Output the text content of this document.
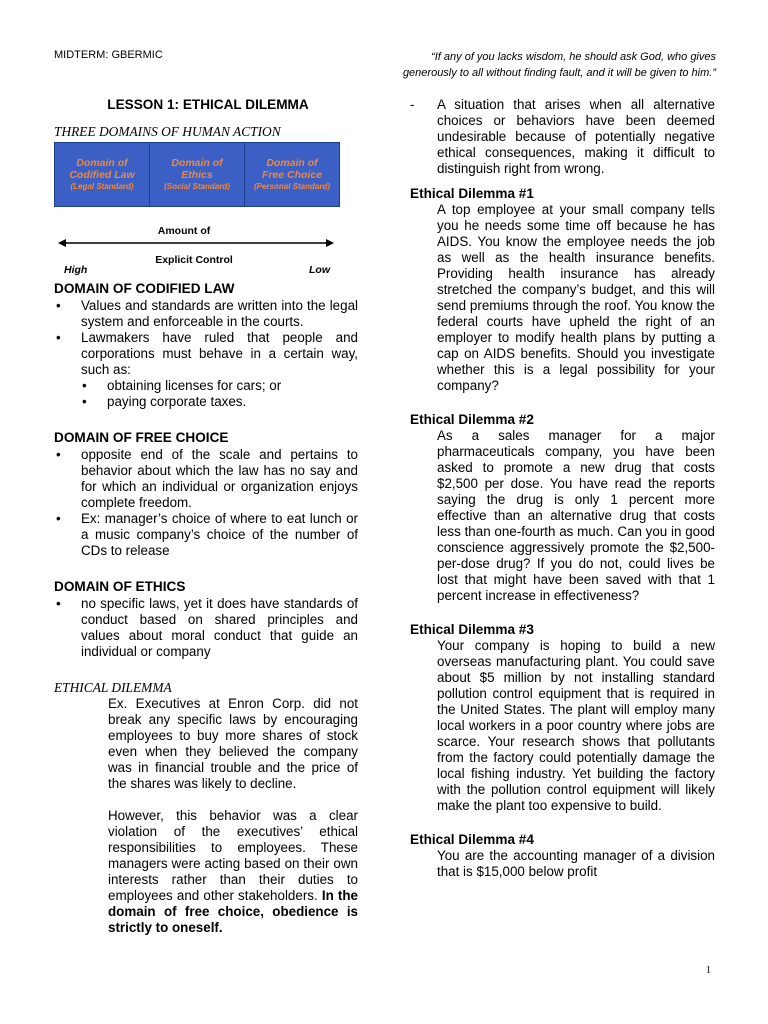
MIDTERM: GBERMIC	“If any of you lacks wisdom, he should ask God, who gives
generously to all without finding fault, and it will be given to him.”
LESSON 1: ETHICAL DILEMMA
THREE DOMAINS OF HUMAN ACTION
Domain of
Codified Law
(Legal Standard)
Domain of
Ethics
(Social Standard)
Domain of
Free Choice
(Personal Standard)
Amount of
Explicit Control
High	Low
DOMAIN OF CODIFIED LAW
• Values and standards are written into the legal system and enforceable in the courts.
• Lawmakers have ruled that people and corporations must behave in a certain way, such as:
• obtaining licenses for cars; or
• paying corporate taxes.
DOMAIN OF FREE CHOICE
• opposite end of the scale and pertains to behavior about which the law has no say and for which an individual or organization enjoys complete freedom.
• Ex: manager’s choice of where to eat lunch or a music company’s choice of the number of CDs to release
DOMAIN OF ETHICS
• no specific laws, yet it does have standards of conduct based on shared principles and values about moral conduct that guide an individual or company
ETHICAL DILEMMA
Ex. Executives at Enron Corp. did not break any specific laws by encouraging employees to buy more shares of stock even when they believed the company was in financial trouble and the price of the shares was likely to decline.
However, this behavior was a clear violation of the executives’ ethical responsibilities to employees. These managers were acting based on their own interests rather than their duties to employees and other stakeholders. In the domain of free choice, obedience is strictly to oneself.
- A situation that arises when all alternative choices or behaviors have been deemed undesirable because of potentially negative ethical consequences, making it difficult to distinguish right from wrong.
Ethical Dilemma #1
A top employee at your small company tells you he needs some time off because he has AIDS. You know the employee needs the job as well as the health insurance benefits. Providing health insurance has already stretched the company’s budget, and this will send premiums through the roof. You know the federal courts have upheld the right of an employer to modify health plans by putting a cap on AIDS benefits. Should you investigate whether this is a legal possibility for your company?
Ethical Dilemma #2
As a sales manager for a major pharmaceuticals company, you have been asked to promote a new drug that costs $2,500 per dose. You have read the reports saying the drug is only 1 percent more effective than an alternative drug that costs less than one-fourth as much. Can you in good conscience aggressively promote the $2,500-per-dose drug? If you do not, could lives be lost that might have been saved with that 1 percent increase in effectiveness?
Ethical Dilemma #3
Your company is hoping to build a new overseas manufacturing plant. You could save about $5 million by not installing standard pollution control equipment that is required in the United States. The plant will employ many local workers in a poor country where jobs are scarce. Your research shows that pollutants from the factory could potentially damage the local fishing industry. Yet building the factory with the pollution control equipment will likely make the plant too expensive to build.
Ethical Dilemma #4
You are the accounting manager of a division that is $15,000 below profit
1
